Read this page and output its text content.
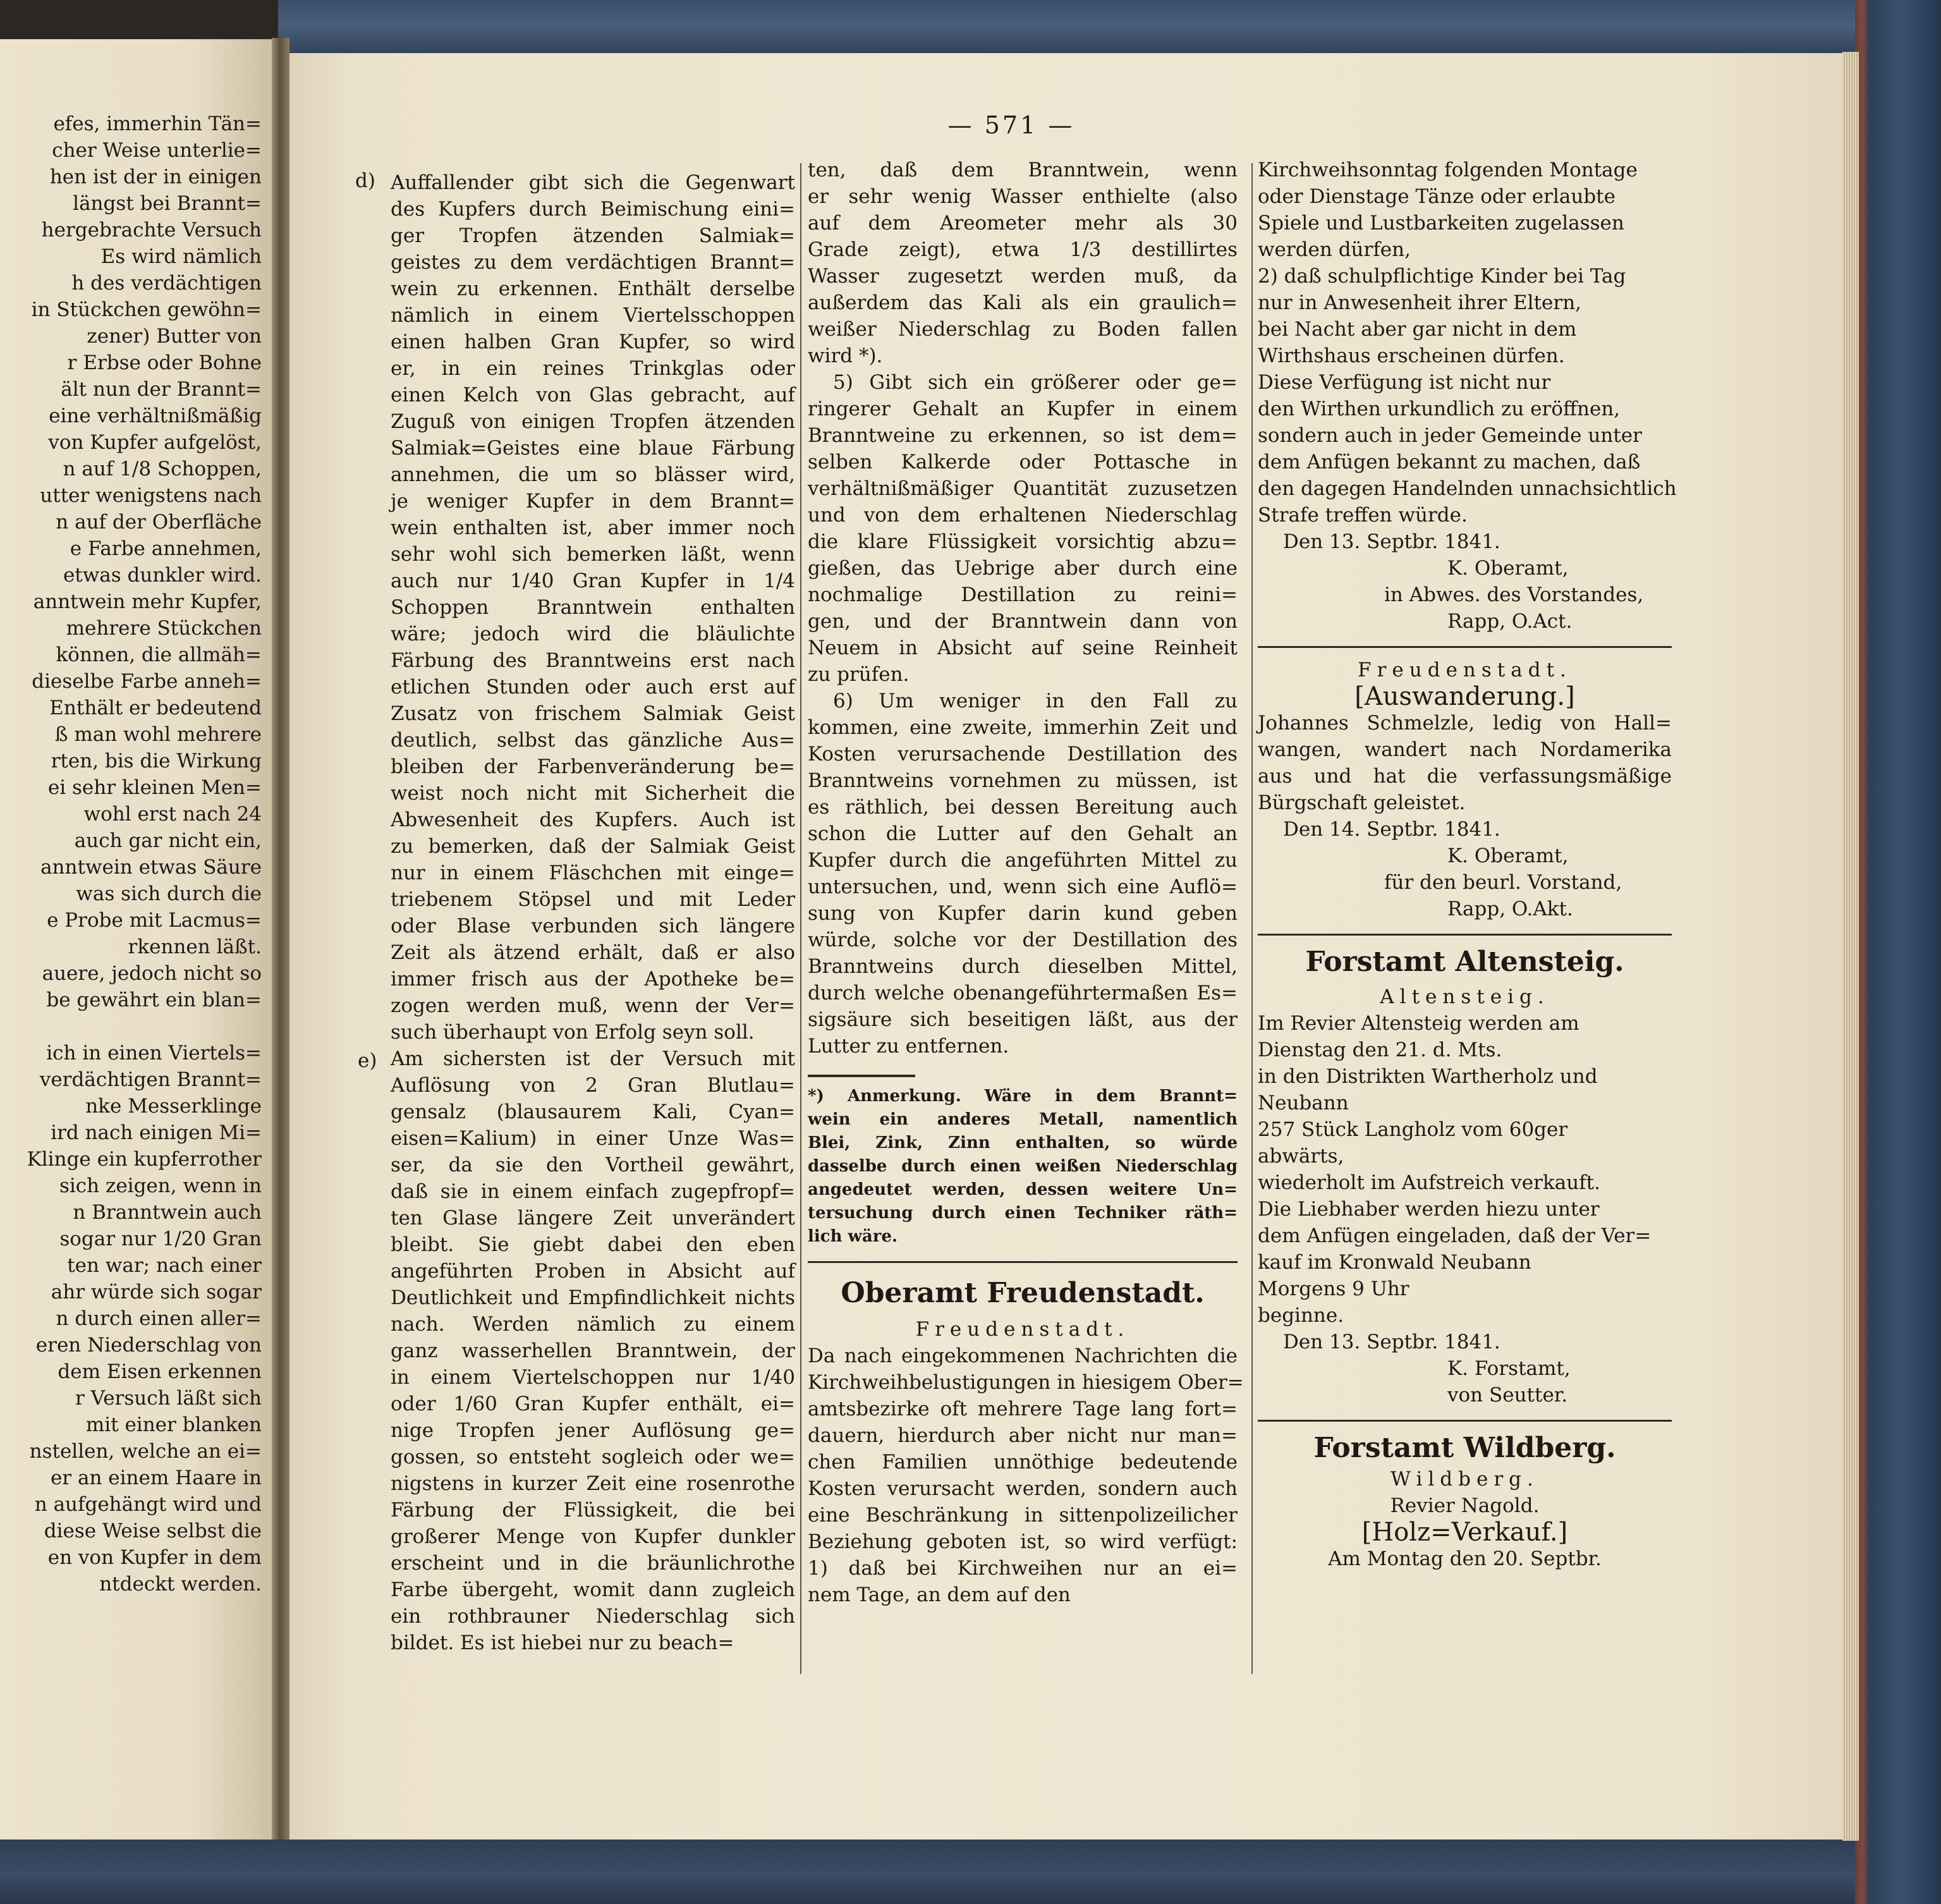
— 571 —
efes, immerhin Tän=
cher Weise unterlie=
hen ist der in einigen
längst bei Brannt=
hergebrachte Versuch
Es wird nämlich
h des verdächtigen
in Stückchen gewöhn=
zener) Butter von
r Erbse oder Bohne
ält nun der Brannt=
eine verhältnißmäßig
von Kupfer aufgelöst,
n auf 1/8 Schoppen,
utter wenigstens nach
n auf der Oberfläche
e Farbe annehmen,
etwas dunkler wird.
anntwein mehr Kupfer,
mehrere Stückchen
können, die allmäh=
dieselbe Farbe anneh=
Enthält er bedeutend
ß man wohl mehrere
rten, bis die Wirkung
ei sehr kleinen Men=
wohl erst nach 24
auch gar nicht ein,
anntwein etwas Säure
was sich durch die
e Probe mit Lacmus=
rkennen läßt.
auere, jedoch nicht so
be gewährt ein blan=

ich in einen Viertels=
verdächtigen Brannt=
nke Messerklinge
ird nach einigen Mi=
Klinge ein kupferrother
sich zeigen, wenn in
n Branntwein auch
sogar nur 1/20 Gran
ten war; nach einer
ahr würde sich sogar
n durch einen aller=
eren Niederschlag von
dem Eisen erkennen
r Versuch läßt sich
mit einer blanken
nstellen, welche an ei=
er an einem Haare in
n aufgehängt wird und
diese Weise selbst die
en von Kupfer in dem
ntdeckt werden.
d)
e)
Auffallender gibt sich die Gegenwart
des Kupfers durch Beimischung eini=
ger Tropfen ätzenden Salmiak=
geistes zu dem verdächtigen Brannt=
wein zu erkennen. Enthält derselbe
nämlich in einem Viertelsschoppen
einen halben Gran Kupfer, so wird
er, in ein reines Trinkglas oder
einen Kelch von Glas gebracht, auf
Zuguß von einigen Tropfen ätzenden
Salmiak=Geistes eine blaue Färbung
annehmen, die um so blässer wird,
je weniger Kupfer in dem Brannt=
wein enthalten ist, aber immer noch
sehr wohl sich bemerken läßt, wenn
auch nur 1/40 Gran Kupfer in 1/4
Schoppen Branntwein enthalten
wäre; jedoch wird die bläulichte
Färbung des Branntweins erst nach
etlichen Stunden oder auch erst auf
Zusatz von frischem Salmiak Geist
deutlich, selbst das gänzliche Aus=
bleiben der Farbenveränderung be=
weist noch nicht mit Sicherheit die
Abwesenheit des Kupfers. Auch ist
zu bemerken, daß der Salmiak Geist
nur in einem Fläschchen mit einge=
triebenem Stöpsel und mit Leder
oder Blase verbunden sich längere
Zeit als ätzend erhält, daß er also
immer frisch aus der Apotheke be=
zogen werden muß, wenn der Ver=
such überhaupt von Erfolg seyn soll.
Am sichersten ist der Versuch mit
Auflösung von 2 Gran Blutlau=
gensalz (blausaurem Kali, Cyan=
eisen=Kalium) in einer Unze Was=
ser, da sie den Vortheil gewährt,
daß sie in einem einfach zugepfropf=
ten Glase längere Zeit unverändert
bleibt. Sie giebt dabei den eben
angeführten Proben in Absicht auf
Deutlichkeit und Empfindlichkeit nichts
nach. Werden nämlich zu einem
ganz wasserhellen Branntwein, der
in einem Viertelschoppen nur 1/40
oder 1/60 Gran Kupfer enthält, ei=
nige Tropfen jener Auflösung ge=
gossen, so entsteht sogleich oder we=
nigstens in kurzer Zeit eine rosenrothe
Färbung der Flüssigkeit, die bei
großerer Menge von Kupfer dunkler
erscheint und in die bräunlichrothe
Farbe übergeht, womit dann zugleich
ein rothbrauner Niederschlag sich
bildet. Es ist hiebei nur zu beach=
ten, daß dem Branntwein, wenn
er sehr wenig Wasser enthielte (also
auf dem Areometer mehr als 30
Grade zeigt), etwa 1/3 destillirtes
Wasser zugesetzt werden muß, da
außerdem das Kali als ein graulich=
weißer Niederschlag zu Boden fallen
wird *).
5) Gibt sich ein größerer oder ge=
ringerer Gehalt an Kupfer in einem
Branntweine zu erkennen, so ist dem=
selben Kalkerde oder Pottasche in
verhältnißmäßiger Quantität zuzusetzen
und von dem erhaltenen Niederschlag
die klare Flüssigkeit vorsichtig abzu=
gießen, das Uebrige aber durch eine
nochmalige Destillation zu reini=
gen, und der Branntwein dann von
Neuem in Absicht auf seine Reinheit
zu prüfen.
6) Um weniger in den Fall zu
kommen, eine zweite, immerhin Zeit und
Kosten verursachende Destillation des
Branntweins vornehmen zu müssen, ist
es räthlich, bei dessen Bereitung auch
schon die Lutter auf den Gehalt an
Kupfer durch die angeführten Mittel zu
untersuchen, und, wenn sich eine Auflö=
sung von Kupfer darin kund geben
würde, solche vor der Destillation des
Branntweins durch dieselben Mittel,
durch welche obenangeführtermaßen Es=
sigsäure sich beseitigen läßt, aus der
Lutter zu entfernen.
*) Anmerkung. Wäre in dem Brannt=
wein ein anderes Metall, namentlich
Blei, Zink, Zinn enthalten, so würde
dasselbe durch einen weißen Niederschlag
angedeutet werden, dessen weitere Un=
tersuchung durch einen Techniker räth=
lich wäre.
Oberamt Freudenstadt.
Freudenstadt.
Da nach eingekommenen Nachrichten die
Kirchweihbelustigungen in hiesigem Ober=
amtsbezirke oft mehrere Tage lang fort=
dauern, hierdurch aber nicht nur man=
chen Familien unnöthige bedeutende
Kosten verursacht werden, sondern auch
eine Beschränkung in sittenpolizeilicher
Beziehung geboten ist, so wird verfügt:
1) daß bei Kirchweihen nur an ei=
nem Tage, an dem auf den
Kirchweihsonntag folgenden Montage
oder Dienstage Tänze oder erlaubte
Spiele und Lustbarkeiten zugelassen
werden dürfen,
2) daß schulpflichtige Kinder bei Tag
nur in Anwesenheit ihrer Eltern,
bei Nacht aber gar nicht in dem
Wirthshaus erscheinen dürfen.
Diese Verfügung ist nicht nur
den Wirthen urkundlich zu eröffnen,
sondern auch in jeder Gemeinde unter
dem Anfügen bekannt zu machen, daß
den dagegen Handelnden unnachsichtlich
Strafe treffen würde.
Den 13. Septbr. 1841.
K. Oberamt,
in Abwes. des Vorstandes,
Rapp, O.Act.
Freudenstadt.
[Auswanderung.]
Johannes Schmelzle, ledig von Hall=
wangen, wandert nach Nordamerika
aus und hat die verfassungsmäßige
Bürgschaft geleistet.
Den 14. Septbr. 1841.
K. Oberamt,
für den beurl. Vorstand,
Rapp, O.Akt.
Forstamt Altensteig.
Altensteig.
Im Revier Altensteig werden am
Dienstag den 21. d. Mts.
in den Distrikten Wartherholz und
Neubann
257 Stück Langholz vom 60ger
abwärts,
wiederholt im Aufstreich verkauft.
Die Liebhaber werden hiezu unter
dem Anfügen eingeladen, daß der Ver=
kauf im Kronwald Neubann
Morgens 9 Uhr
beginne.
Den 13. Septbr. 1841.
K. Forstamt,
von Seutter.
Forstamt Wildberg.
Wildberg.
Revier Nagold.
[Holz=Verkauf.]
Am Montag den 20. Septbr.
